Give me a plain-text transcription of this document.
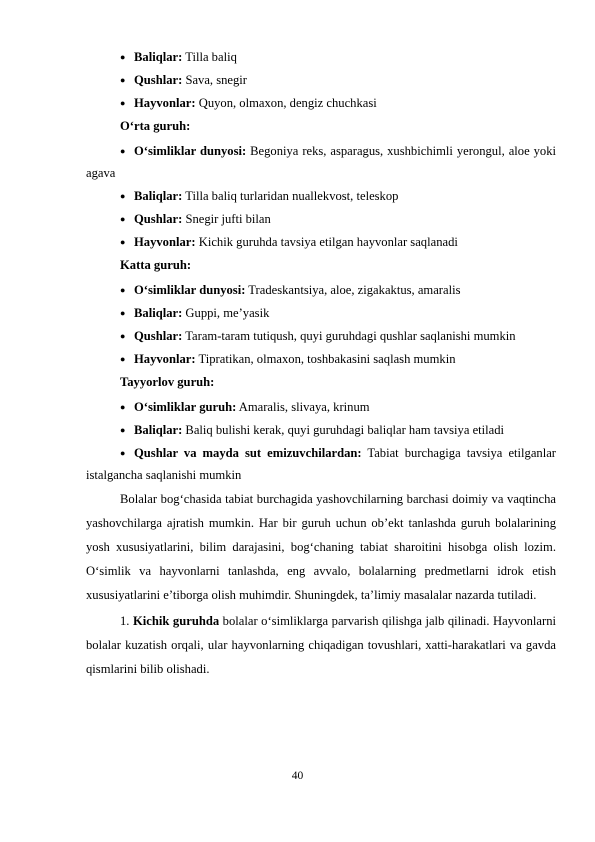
● Baliqlar: Tilla baliq
● Qushlar: Sava, snegir
● Hayvonlar: Quyon, olmaxon, dengiz chuchkasi
O‘rta guruh:
● O‘simliklar dunyosi: Begoniya reks, asparagus, xushbichimli yerongul, aloe yoki agava
● Baliqlar: Tilla baliq turlaridan nuallekvost, teleskop
● Qushlar: Snegir jufti bilan
● Hayvonlar: Kichik guruhda tavsiya etilgan hayvonlar saqlanadi
Katta guruh:
● O‘simliklar dunyosi: Tradeskantsiya, aloe, zigakaktus, amaralis
● Baliqlar: Guppi, me’yasik
● Qushlar: Taram-taram tutiqush, quyi guruhdagi qushlar saqlanishi mumkin
● Hayvonlar: Tipratikan, olmaxon, toshbakasini saqlash mumkin
Tayyorlov guruh:
● O‘simliklar guruh: Amaralis, slivaya, krinum
● Baliqlar: Baliq bulishi kerak, quyi guruhdagi baliqlar ham tavsiya etiladi
● Qushlar va mayda sut emizuvchilardan: Tabiat burchagiga tavsiya etilganlar istalgancha saqlanishi mumkin

Bolalar bog‘chasida tabiat burchagida yashovchilarning barchasi doimiy va vaqtincha yashovchilarga ajratish mumkin. Har bir guruh uchun ob’ekt tanlashda guruh bolalarining yosh xususiyatlarini, bilim darajasini, bog‘chaning tabiat sharoitini hisobga olish lozim. O‘simlik va hayvonlarni tanlashda, eng avvalo, bolalarning predmetlarni idrok etish xususiyatlarini e’tiborga olish muhimdir. Shuningdek, ta’limiy masalalar nazarda tutiladi.

1. Kichik guruhda bolalar o‘simliklarga parvarish qilishga jalb qilinadi. Hayvonlarni bolalar kuzatish orqali, ular hayvonlarning chiqadigan tovushlari, xatti-harakatlari va gavda qismlarini bilib olishadi.

40
